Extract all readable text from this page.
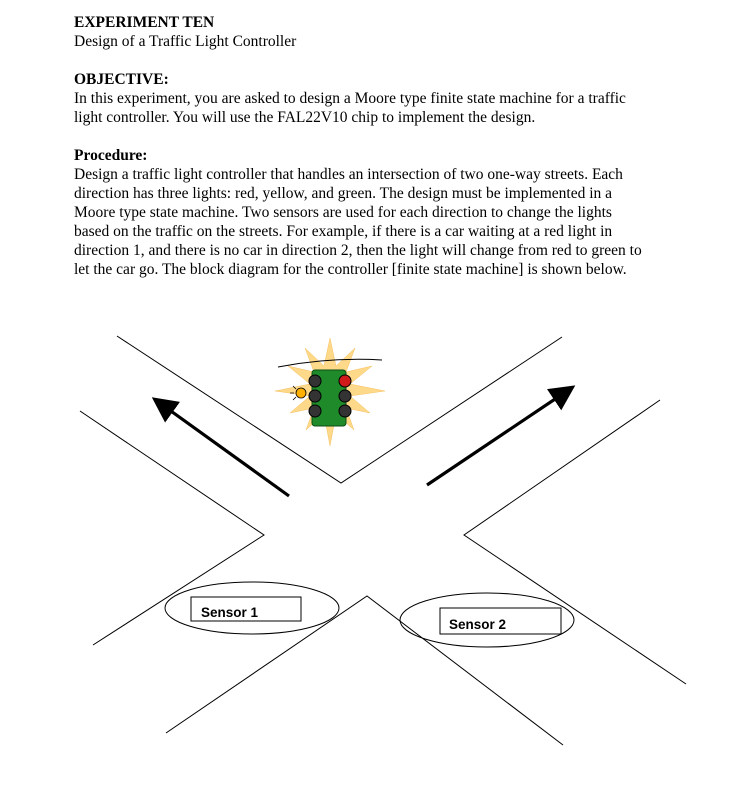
EXPERIMENT TEN
Design of a Traffic Light Controller
OBJECTIVE:
In this experiment, you are asked to design a Moore type finite state machine for a traffic
light controller. You will use the FAL22V10 chip to implement the design.
Procedure:
Design a traffic light controller that handles an intersection of two one-way streets. Each
direction has three lights: red, yellow, and green. The design must be implemented in a
Moore type state machine. Two sensors are used for each direction to change the lights
based on the traffic on the streets. For example, if there is a car waiting at a red light in
direction 1, and there is no car in direction 2, then the light will change from red to green to
let the car go. The block diagram for the controller [finite state machine] is shown below.
Sensor 1
Sensor 2
